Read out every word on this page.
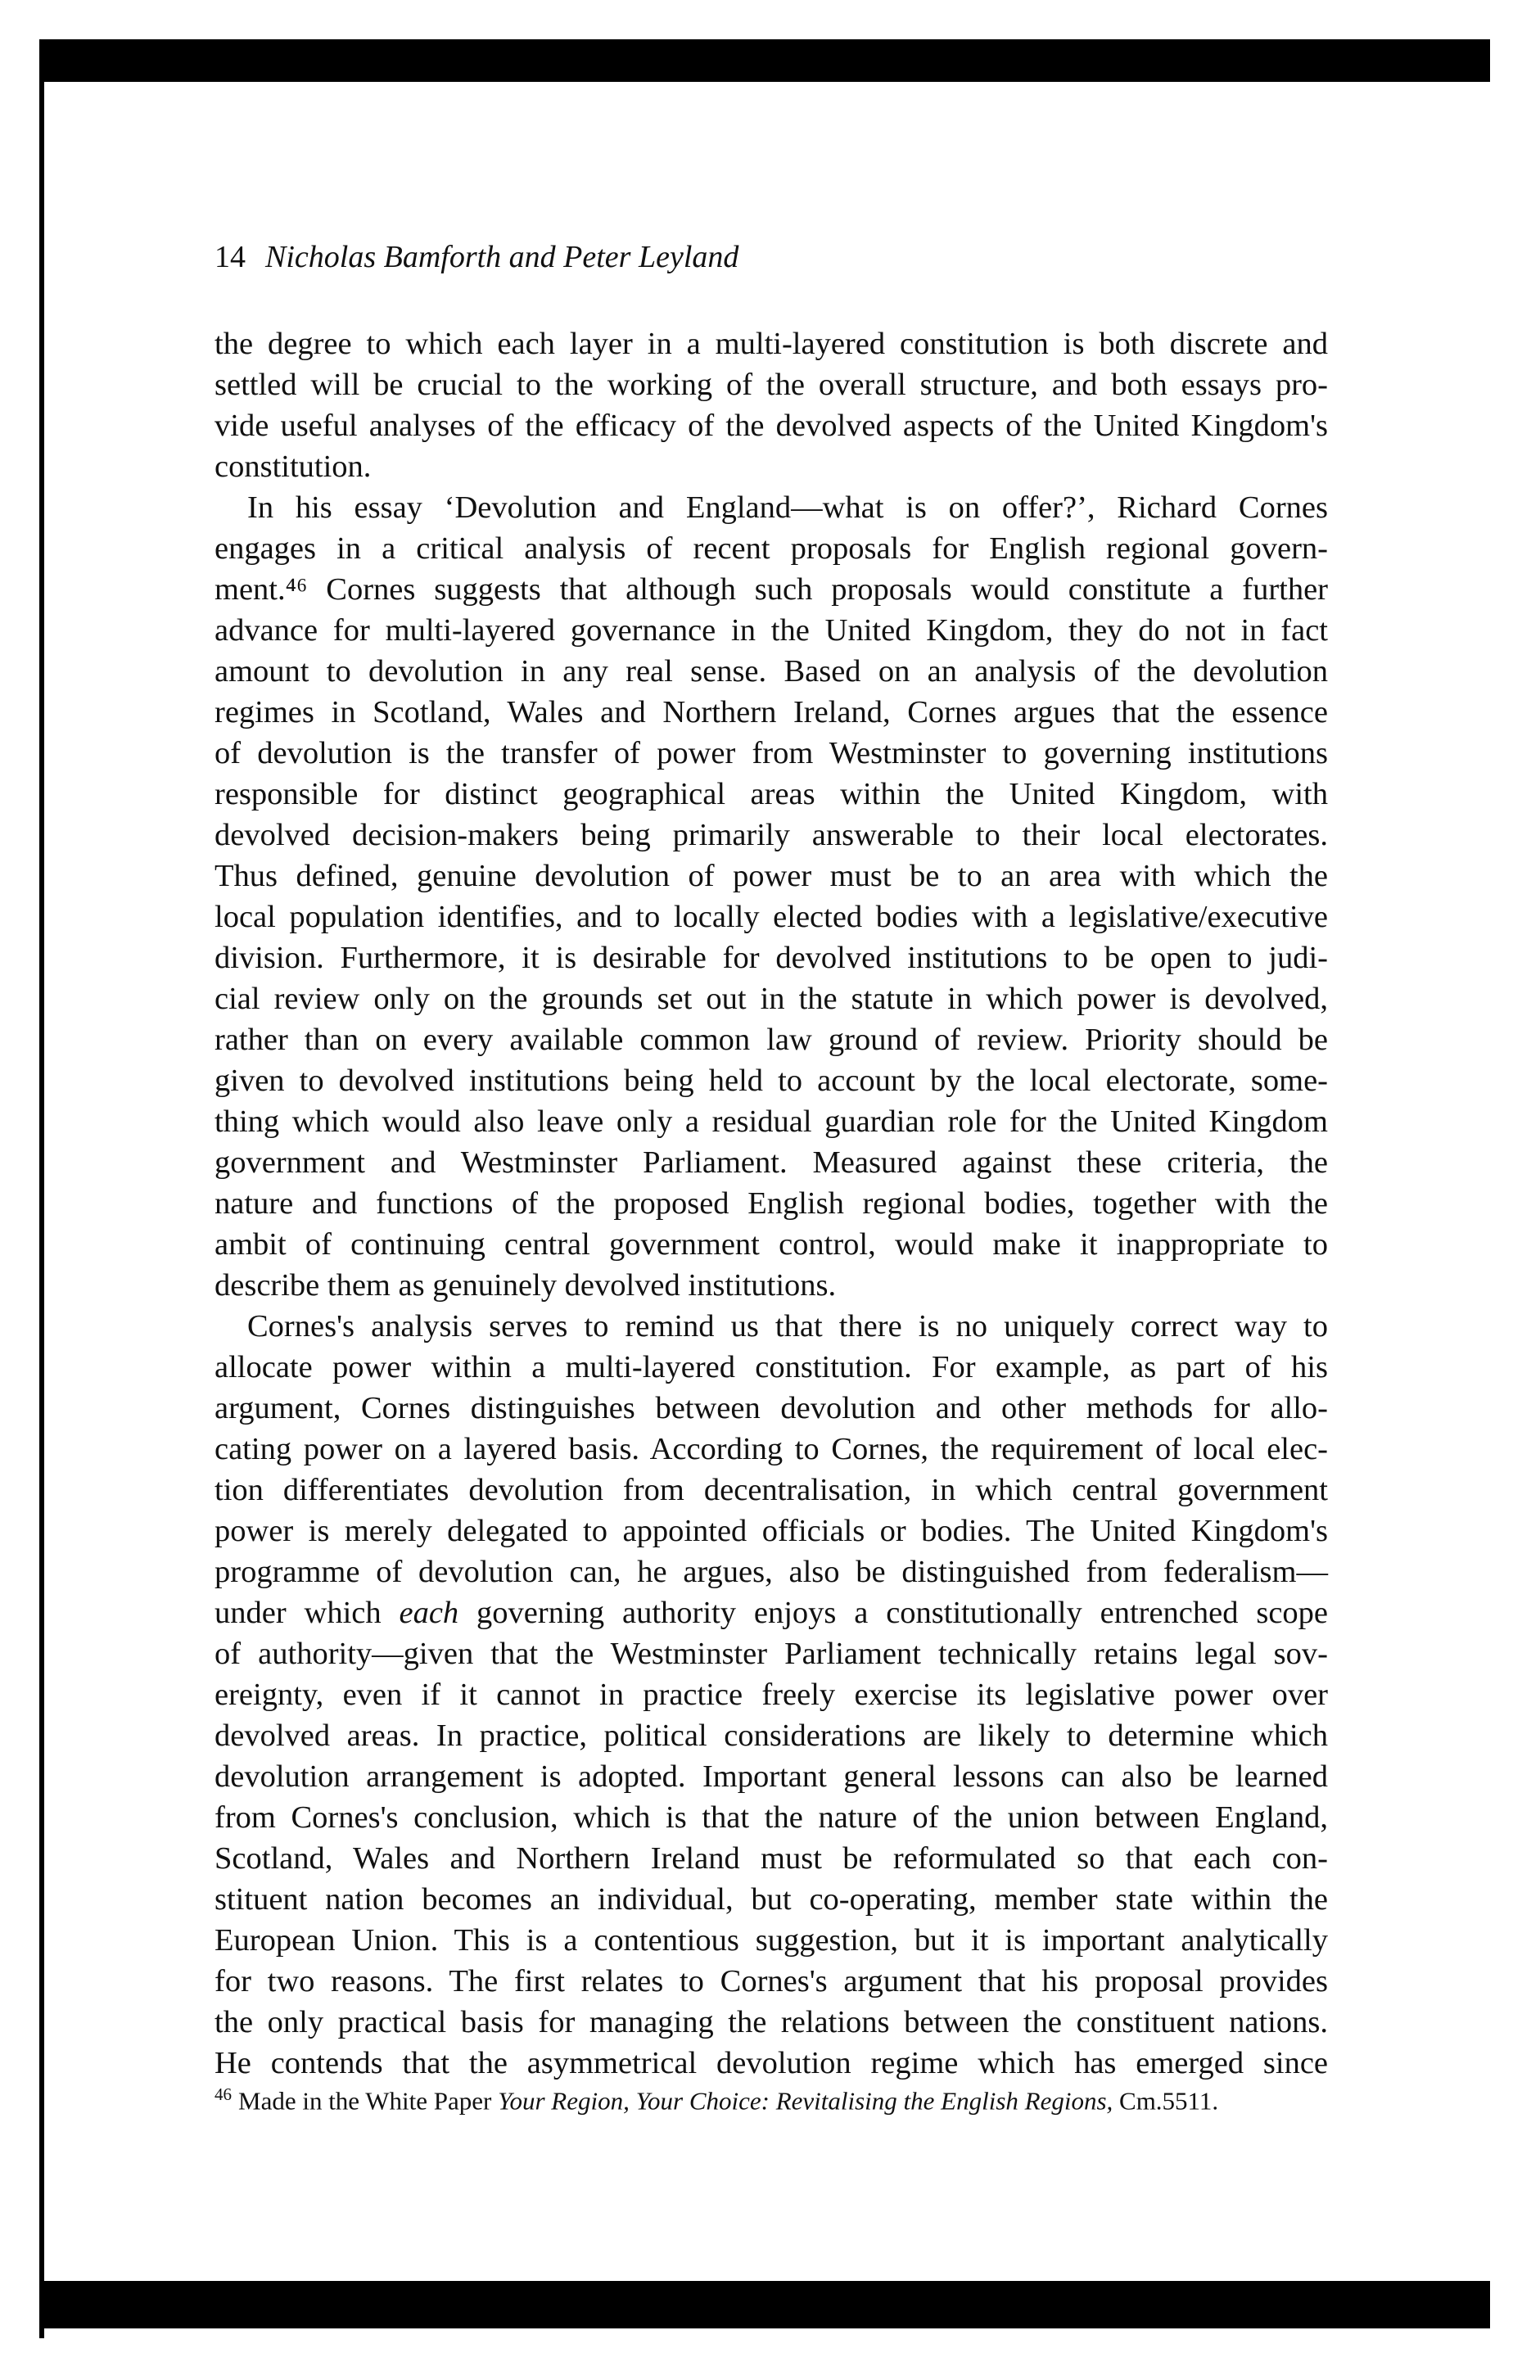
14 Nicholas Bamforth and Peter Leyland
the degree to which each layer in a multi-layered constitution is both discrete and
settled will be crucial to the working of the overall structure, and both essays pro-
vide useful analyses of the efficacy of the devolved aspects of the United Kingdom's
constitution.
In his essay ‘Devolution and England—what is on offer?’, Richard Cornes
engages in a critical analysis of recent proposals for English regional govern-
ment.⁴⁶ Cornes suggests that although such proposals would constitute a further
advance for multi-layered governance in the United Kingdom, they do not in fact
amount to devolution in any real sense. Based on an analysis of the devolution
regimes in Scotland, Wales and Northern Ireland, Cornes argues that the essence
of devolution is the transfer of power from Westminster to governing institutions
responsible for distinct geographical areas within the United Kingdom, with
devolved decision-makers being primarily answerable to their local electorates.
Thus defined, genuine devolution of power must be to an area with which the
local population identifies, and to locally elected bodies with a legislative/executive
division. Furthermore, it is desirable for devolved institutions to be open to judi-
cial review only on the grounds set out in the statute in which power is devolved,
rather than on every available common law ground of review. Priority should be
given to devolved institutions being held to account by the local electorate, some-
thing which would also leave only a residual guardian role for the United Kingdom
government and Westminster Parliament. Measured against these criteria, the
nature and functions of the proposed English regional bodies, together with the
ambit of continuing central government control, would make it inappropriate to
describe them as genuinely devolved institutions.
Cornes's analysis serves to remind us that there is no uniquely correct way to
allocate power within a multi-layered constitution. For example, as part of his
argument, Cornes distinguishes between devolution and other methods for allo-
cating power on a layered basis. According to Cornes, the requirement of local elec-
tion differentiates devolution from decentralisation, in which central government
power is merely delegated to appointed officials or bodies. The United Kingdom's
programme of devolution can, he argues, also be distinguished from federalism—
under which each governing authority enjoys a constitutionally entrenched scope
of authority—given that the Westminster Parliament technically retains legal sov-
ereignty, even if it cannot in practice freely exercise its legislative power over
devolved areas. In practice, political considerations are likely to determine which
devolution arrangement is adopted. Important general lessons can also be learned
from Cornes's conclusion, which is that the nature of the union between England,
Scotland, Wales and Northern Ireland must be reformulated so that each con-
stituent nation becomes an individual, but co-operating, member state within the
European Union. This is a contentious suggestion, but it is important analytically
for two reasons. The first relates to Cornes's argument that his proposal provides
the only practical basis for managing the relations between the constituent nations.
He contends that the asymmetrical devolution regime which has emerged since
$^{46}$ Made in the White Paper Your Region, Your Choice: Revitalising the English Regions, Cm.5511.
